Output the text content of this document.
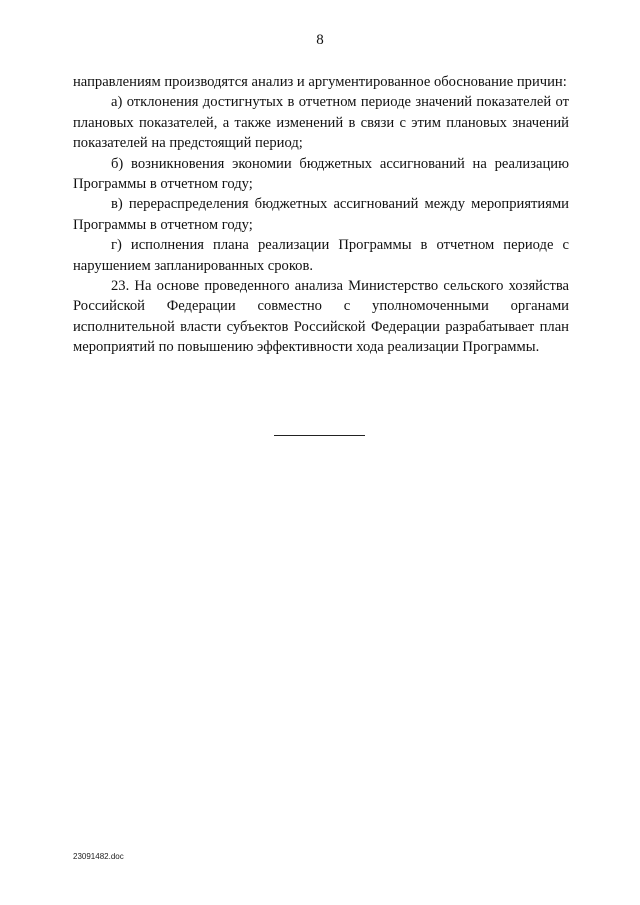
8

направлениям производятся анализ и аргументированное обоснование причин:

а) отклонения достигнутых в отчетном периоде значений показателей от плановых показателей, а также изменений в связи с этим плановых значений показателей на предстоящий период;

б) возникновения экономии бюджетных ассигнований на реализацию Программы в отчетном году;

в) перераспределения бюджетных ассигнований между мероприятиями Программы в отчетном году;

г) исполнения плана реализации Программы в отчетном периоде с нарушением запланированных сроков.

23. На основе проведенного анализа Министерство сельского хозяйства Российской Федерации совместно с уполномоченными органами исполнительной власти субъектов Российской Федерации разрабатывает план мероприятий по повышению эффективности хода реализации Программы.

23091482.doc
